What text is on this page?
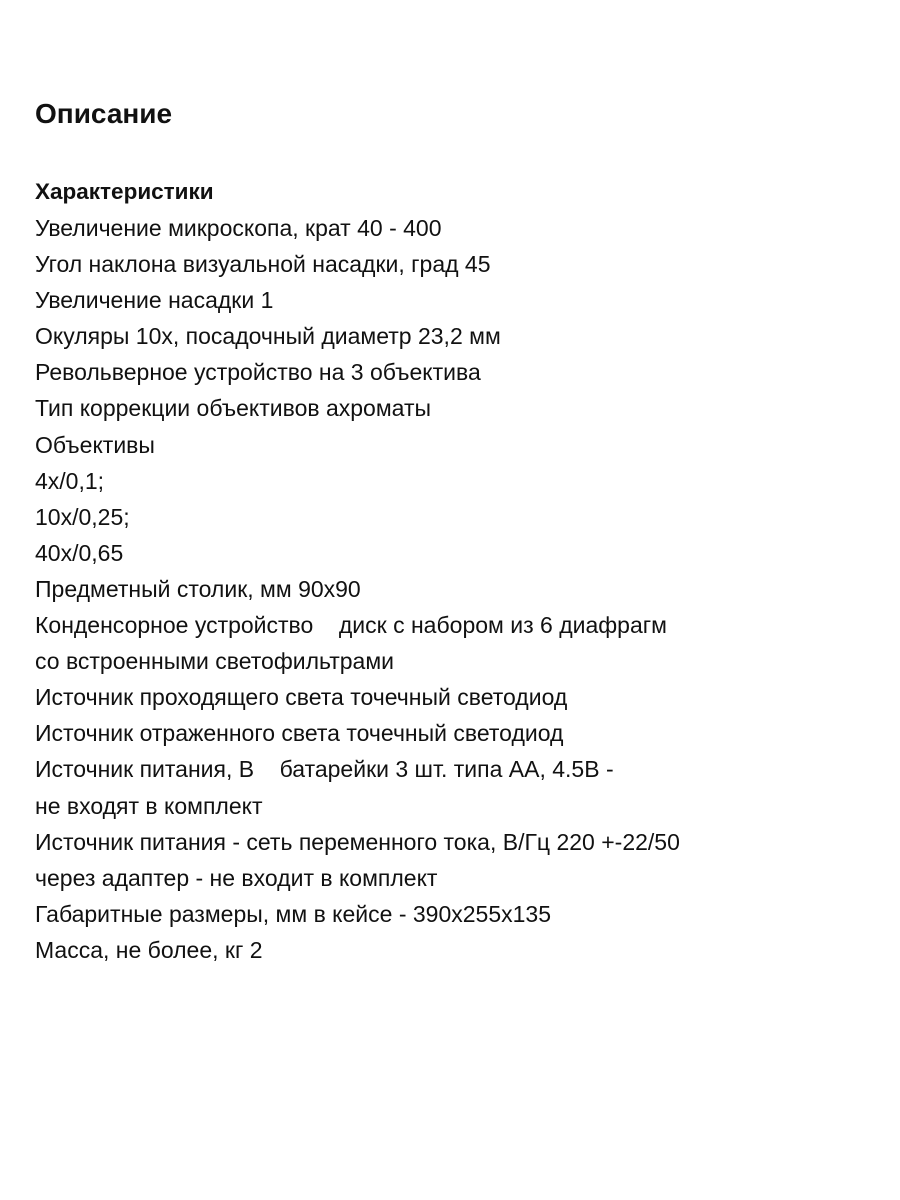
Описание
Характеристики
Увеличение микроскопа, крат 40 - 400
Угол наклона визуальной насадки, град 45
Увеличение насадки 1
Окуляры 10х, посадочный диаметр 23,2 мм
Револьверное устройство на 3 объектива
Тип коррекции объективов ахроматы
Объективы
4х/0,1;
10х/0,25;
40х/0,65
Предметный столик, мм 90х90
Конденсорное устройство    диск с набором из 6 диафрагм
со встроенными светофильтрами
Источник проходящего света точечный светодиод
Источник отраженного света точечный светодиод
Источник питания, В    батарейки 3 шт. типа АА, 4.5В -
не входят в комплект
Источник питания - сеть переменного тока, В/Гц 220 +-22/50
через адаптер - не входит в комплект
Габаритные размеры, мм в кейсе - 390х255х135
Масса, не более, кг 2
